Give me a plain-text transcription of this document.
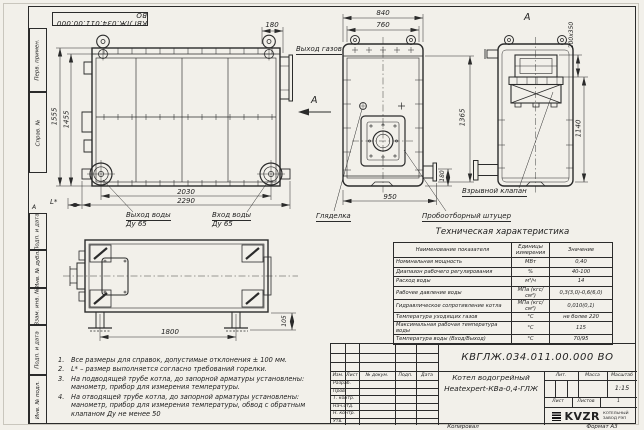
КВГЛЖ.034.011.00.000 ВО
Перв. примен.
Справ. №
Подп. и дата
Инв. № дубл.
Взам. инв. №
Подп. и дата
Инв. № подл.
А
1555 1455
180
2030
2290
L*
Выход воды
Ду 65
Вход воды
Ду 65
Выход газов
А
840
760
1365
950
180
Гляделка	Пробоотборный штуцер
Взрывной клапан
А
200х350
1140
1800
105
Техническая характеристика
Наименование показателя	Единицы измерения	Значение
Номинальная мощность	МВт	0,40
Диапазон рабочего регулирования	%	40-100
Расход воды	м³/ч	14
Рабочее давление воды	МПа (кгс/см²)	0,3(3,0)-0,6(6,0)
Гидравлическое сопротивление котла	МПа (кгс/см²)	0,010(0,1)
Температура уходящих газов	°С	не более 220
Максимальная рабочая температура воды	°С	115
Температура воды (Вход/Выход)	°С	70/95
1.	Все размеры для справок, допустимые отклонения ± 100 мм.
2.	L* – размер выполняется согласно требований горелки.
3.	На подводящей трубе котла, до запорной арматуры установлены: манометр, прибор для измерения температуры.
4.	На отводящей трубе котла, до запорной арматуры установлены: манометр, прибор для измерения температуры, обвод с обратным клапаном Ду не менее 50
Изм. Лист	№ докум.	Подп.	Дата
Разраб.
Пров.
Т. контр.
Нач.отд.
Н. контр.
Утв.
КВГЛЖ.034.011.00.000 ВО
Котел водогрейный
Heatexpert-КВа-0,4-ГЛЖ
Лит.	Масса	Масштаб
1:15
Лист	Листов	1
KVZR КОТЕЛЬНЫЙ
ЗАВОД РЭП
Копировал	Формат А3
